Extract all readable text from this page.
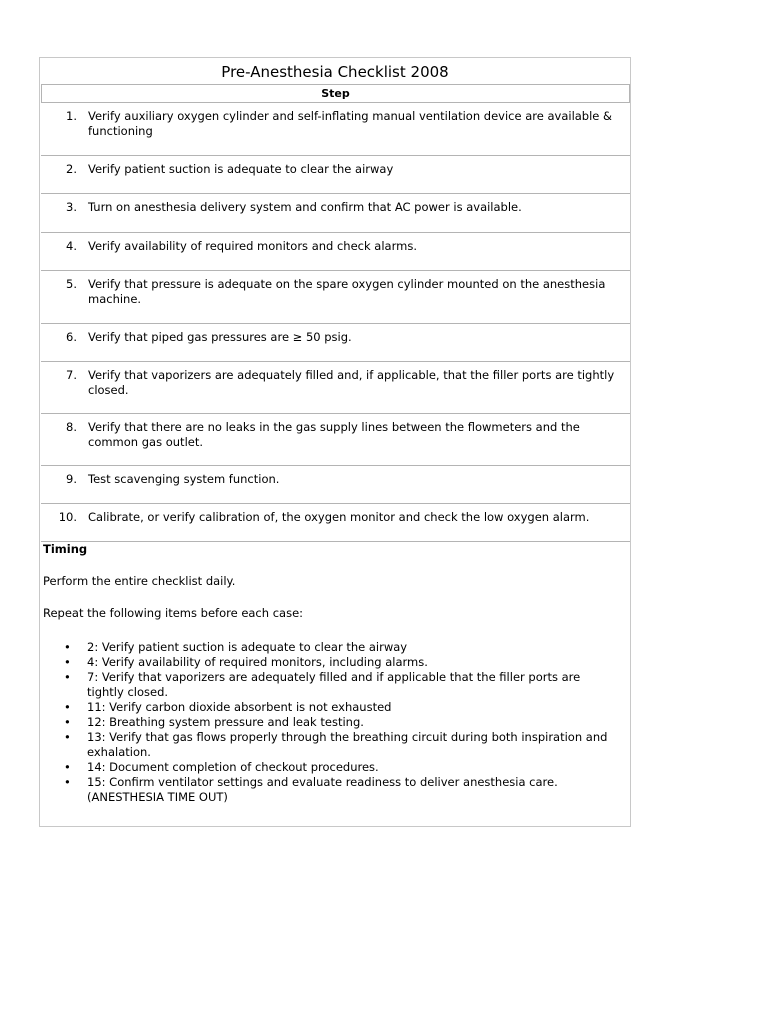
Pre-Anesthesia Checklist 2008
Step
1. Verify auxiliary oxygen cylinder and self-inflating manual ventilation device are available & functioning
2. Verify patient suction is adequate to clear the airway
3. Turn on anesthesia delivery system and confirm that AC power is available.
4. Verify availability of required monitors and check alarms.
5. Verify that pressure is adequate on the spare oxygen cylinder mounted on the anesthesia machine.
6. Verify that piped gas pressures are ≥ 50 psig.
7. Verify that vaporizers are adequately filled and, if applicable, that the filler ports are tightly closed.
8. Verify that there are no leaks in the gas supply lines between the flowmeters and the common gas outlet.
9. Test scavenging system function.
10. Calibrate, or verify calibration of, the oxygen monitor and check the low oxygen alarm.

Timing

Perform the entire checklist daily.

Repeat the following items before each case:

• 2: Verify patient suction is adequate to clear the airway
• 4: Verify availability of required monitors, including alarms.
• 7: Verify that vaporizers are adequately filled and if applicable that the filler ports are tightly closed.
• 11: Verify carbon dioxide absorbent is not exhausted
• 12: Breathing system pressure and leak testing.
• 13: Verify that gas flows properly through the breathing circuit during both inspiration and exhalation.
• 14: Document completion of checkout procedures.
• 15: Confirm ventilator settings and evaluate readiness to deliver anesthesia care. (ANESTHESIA TIME OUT)
